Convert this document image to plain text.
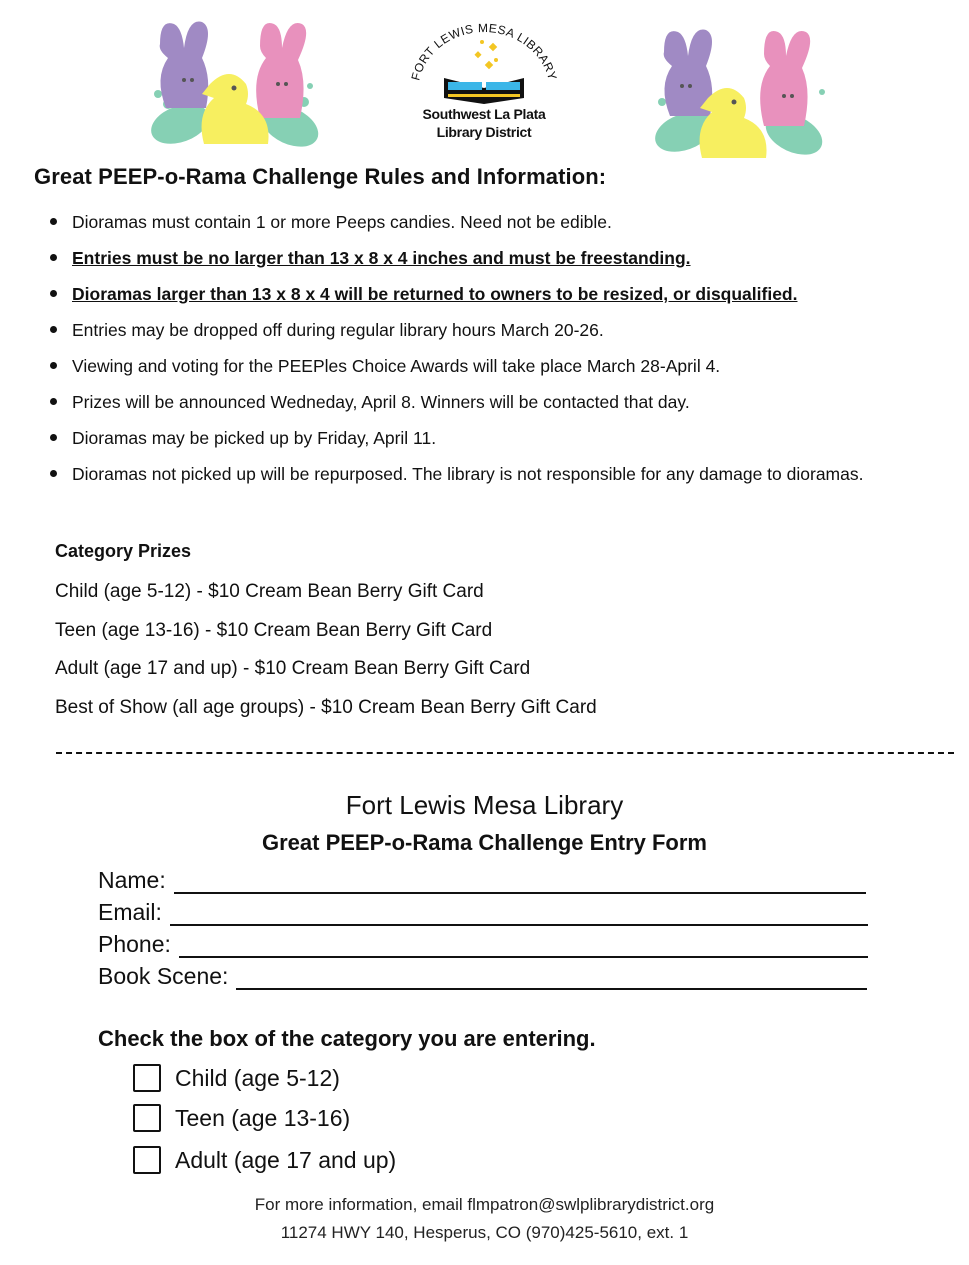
FORT LEWIS MESA LIBRARY
Southwest La Plata
Library District
Great PEEP-o-Rama Challenge Rules and Information:
Dioramas must contain 1 or more Peeps candies. Need not be edible.
Entries must be no larger than 13 x 8 x 4 inches and must be freestanding.
Dioramas larger than 13 x 8 x 4 will be returned to owners to be resized, or disqualified.
Entries may be dropped off during regular library hours March 20-26.
Viewing and voting for the PEEPles Choice Awards will take place March 28-April 4.
Prizes will be announced Wedneday, April 8. Winners will be contacted that day.
Dioramas may be picked up by Friday, April 11.
Dioramas not picked up will be repurposed. The library is not responsible for any damage to dioramas.
Category Prizes
Child (age 5-12) - $10 Cream Bean Berry Gift Card
Teen (age 13-16) - $10 Cream Bean Berry Gift Card
Adult (age 17 and up) - $10 Cream Bean Berry Gift Card
Best of Show (all age groups) - $10 Cream Bean Berry Gift Card
Fort Lewis Mesa Library
Great PEEP-o-Rama Challenge Entry Form
Name:
Email:
Phone:
Book Scene:
Check the box of the category you are entering.
Child (age 5-12)
Teen (age 13-16)
Adult (age 17 and up)
For more information, email flmpatron@swlplibrarydistrict.org
11274 HWY 140, Hesperus, CO (970)425-5610, ext. 1
